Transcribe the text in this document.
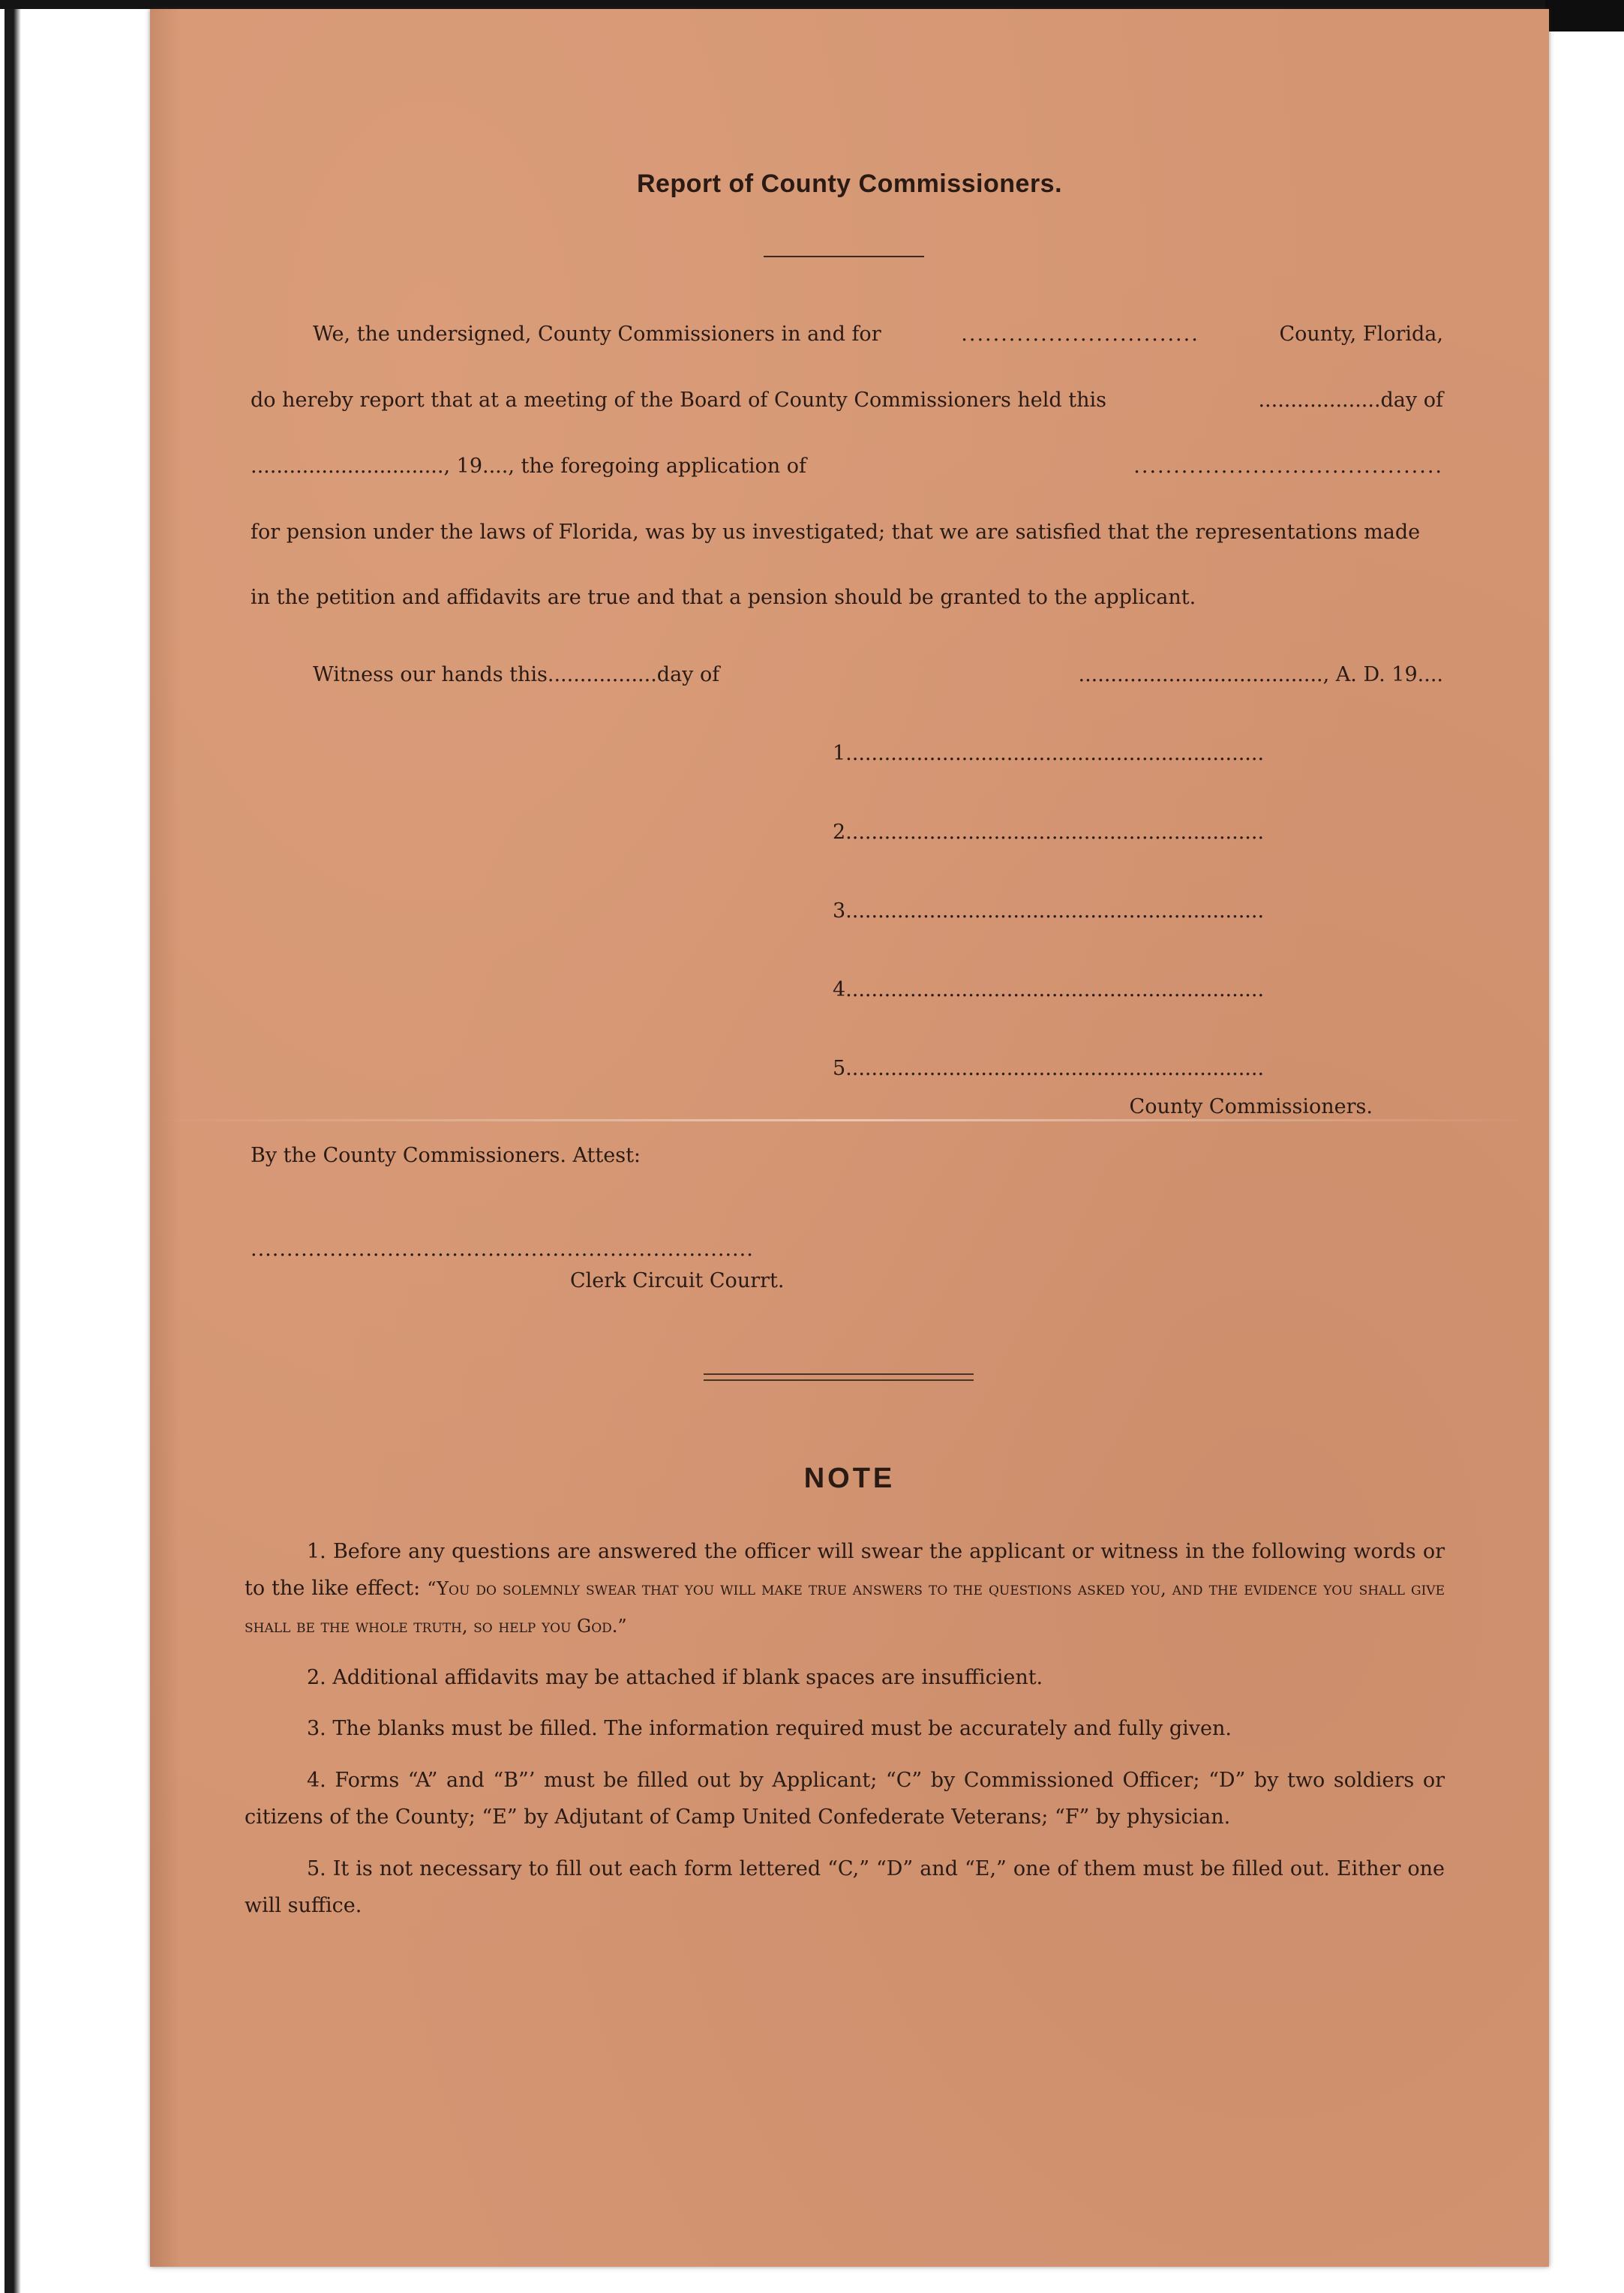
Report of County Commissioners.
We, the undersigned, County Commissioners in and for	..............................	County, Florida,
do hereby report that at a meeting of the Board of County Commissioners held this	...................day of
.............................., 19...., the foregoing application of	.......................................
for pension under the laws of Florida, was by us investigated; that we are satisfied that the representations made
in the petition and affidavits are true and that a pension should be granted to the applicant.
Witness our hands this.................day of	......................................, A. D. 19....
1.................................................................
2.................................................................
3.................................................................
4.................................................................
5.................................................................
County Commissioners.
By the County Commissioners. Attest:
......................................................................
Clerk Circuit Courrt.
NOTE
1. Before any questions are answered the officer will swear the applicant or witness in the following words or to the like effect: “You do solemnly swear that you will make true answers to the questions asked you, and the evidence you shall give shall be the whole truth, so help you God.”
2. Additional affidavits may be attached if blank spaces are insufficient.
3. The blanks must be filled. The information required must be accurately and fully given.
4. Forms “A” and “B”’ must be filled out by Applicant; “C” by Commissioned Officer; “D” by two soldiers or citizens of the County; “E” by Adjutant of Camp United Confederate Veterans; “F” by physician.
5. It is not necessary to fill out each form lettered “C,” “D” and “E,” one of them must be filled out. Either one will suffice.
